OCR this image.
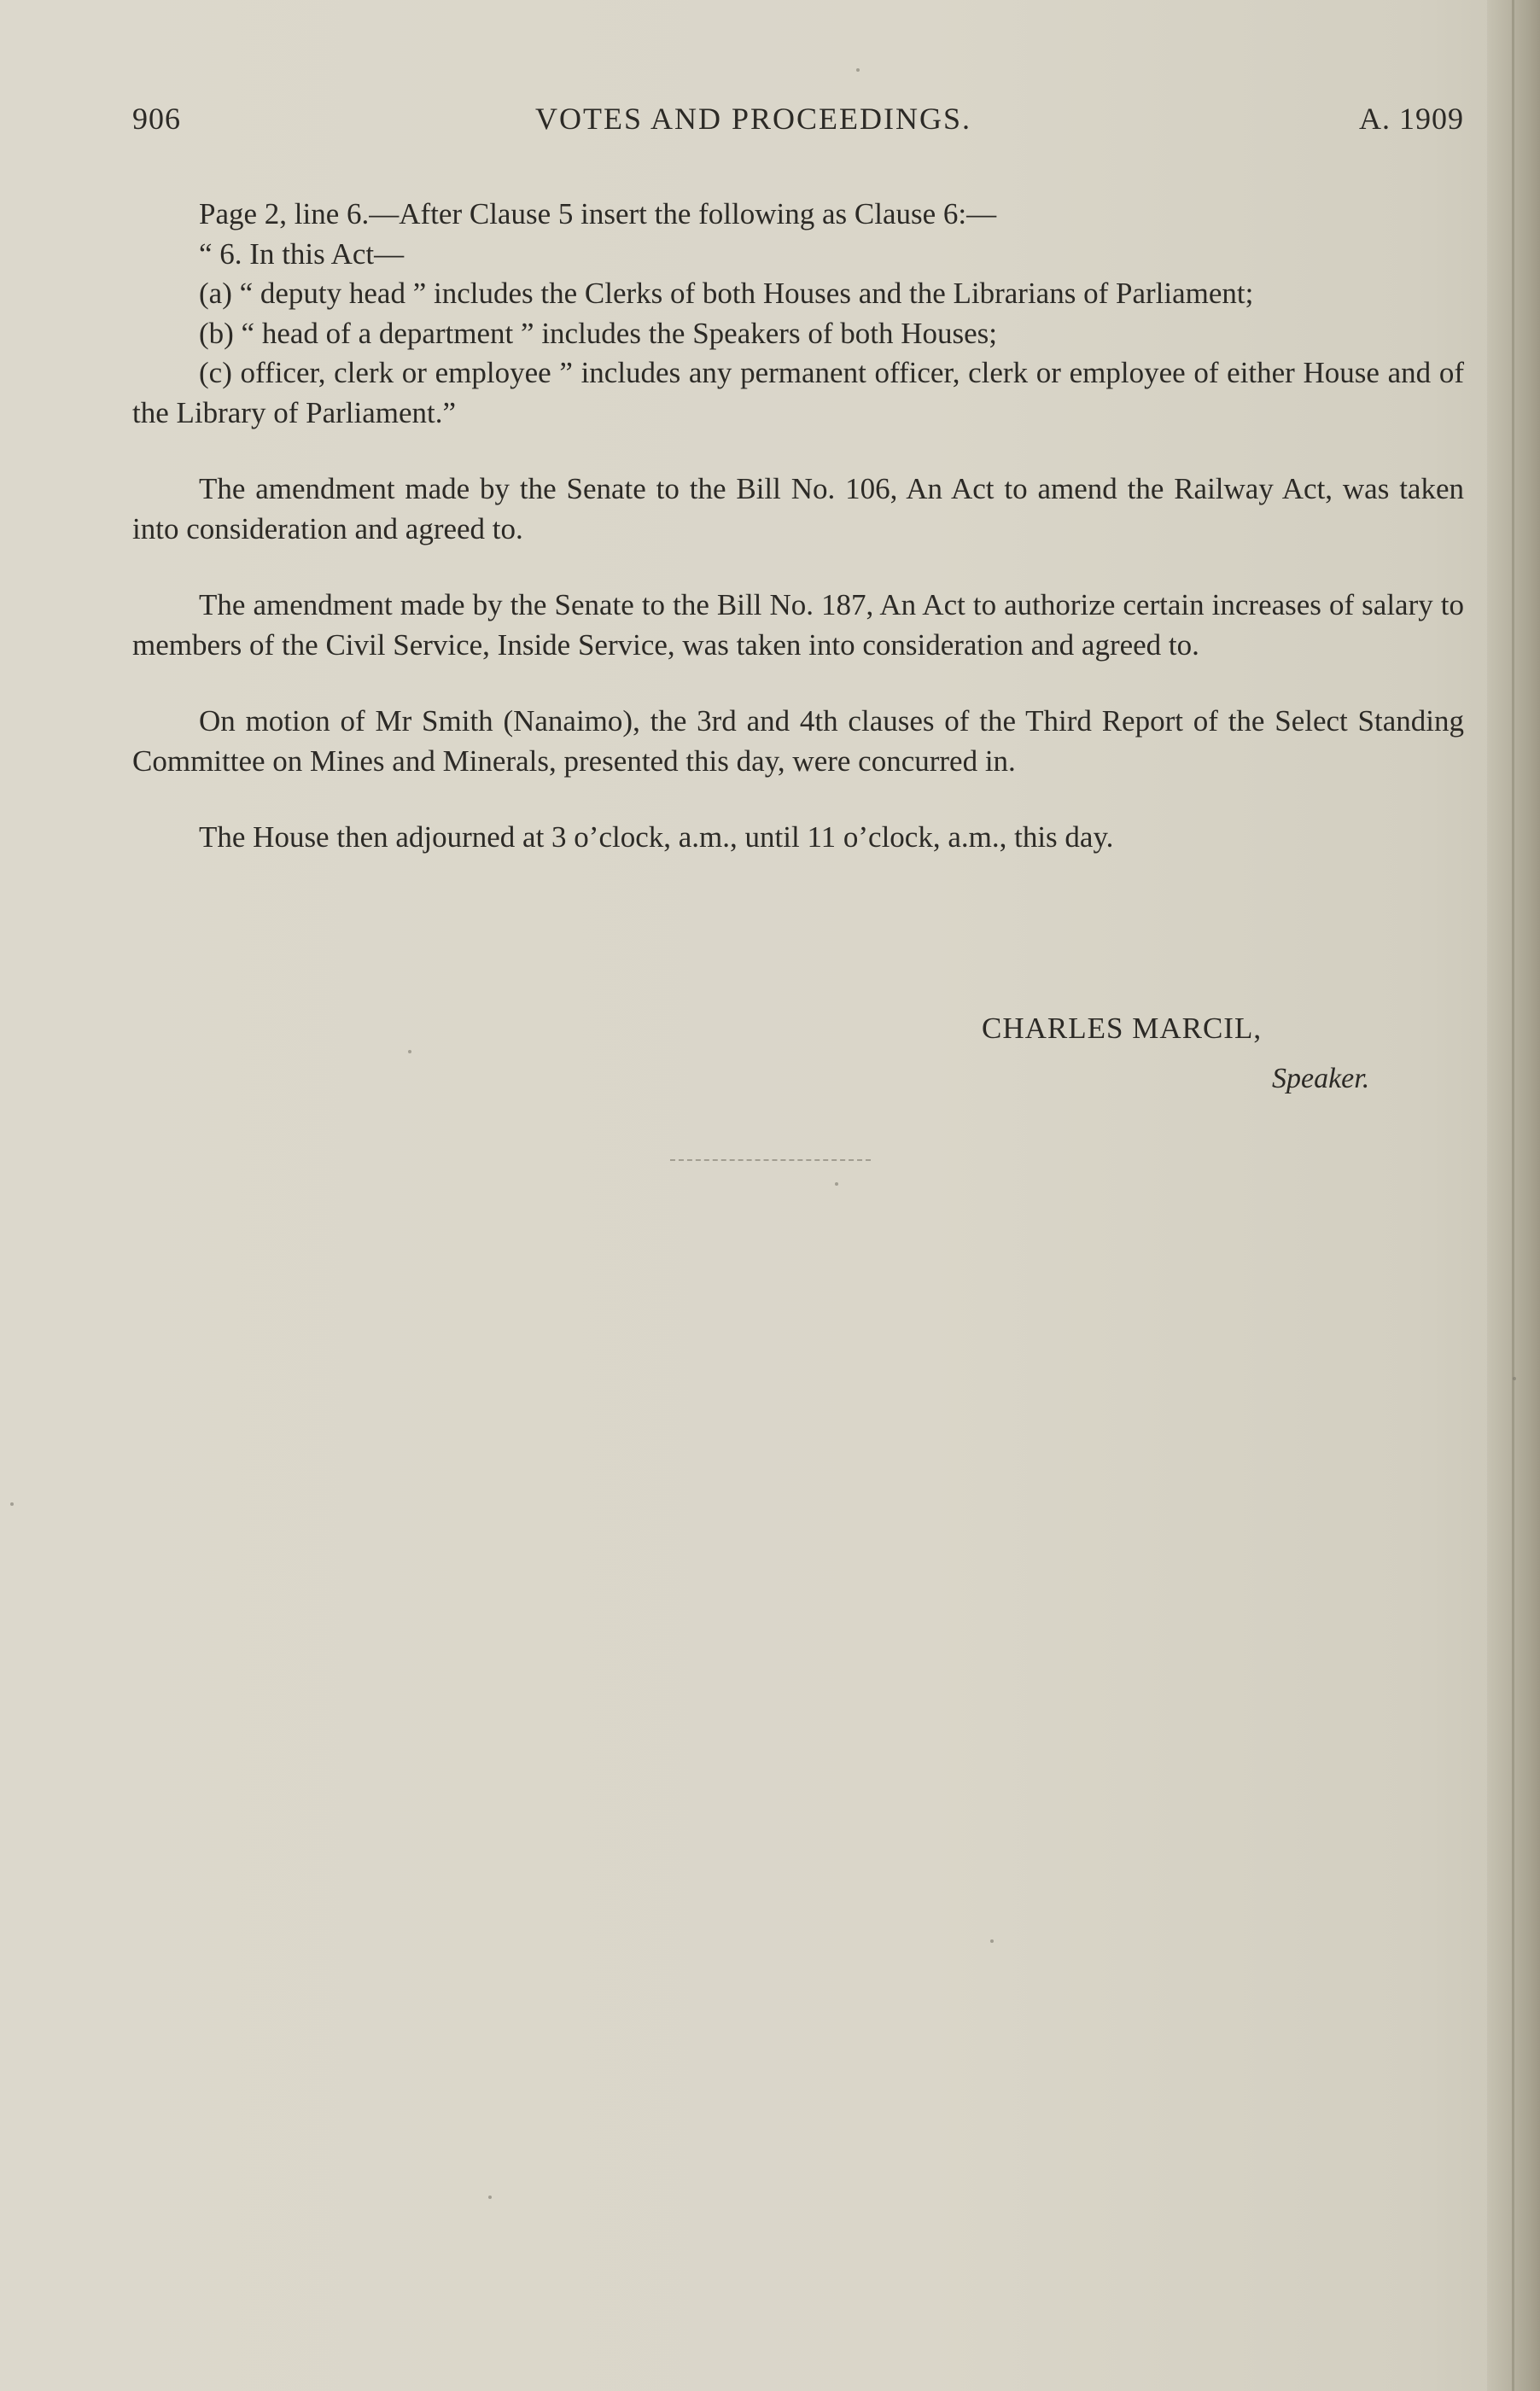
906	VOTES AND PROCEEDINGS.	A. 1909

Page 2, line 6.—After Clause 5 insert the following as Clause 6:—

“ 6. In this Act—

(a) “ deputy head ” includes the Clerks of both Houses and the Librarians of Parliament;

(b) “ head of a department ” includes the Speakers of both Houses;

(c) officer, clerk or employee ” includes any permanent officer, clerk or employee of either House and of the Library of Parliament.”

The amendment made by the Senate to the Bill No. 106, An Act to amend the Railway Act, was taken into consideration and agreed to.

The amendment made by the Senate to the Bill No. 187, An Act to authorize certain increases of salary to members of the Civil Service, Inside Service, was taken into consideration and agreed to.

On motion of Mr Smith (Nanaimo), the 3rd and 4th clauses of the Third Report of the Select Standing Committee on Mines and Minerals, presented this day, were concurred in.

The House then adjourned at 3 o’clock, a.m., until 11 o’clock, a.m., this day.

CHARLES MARCIL,
Speaker.
